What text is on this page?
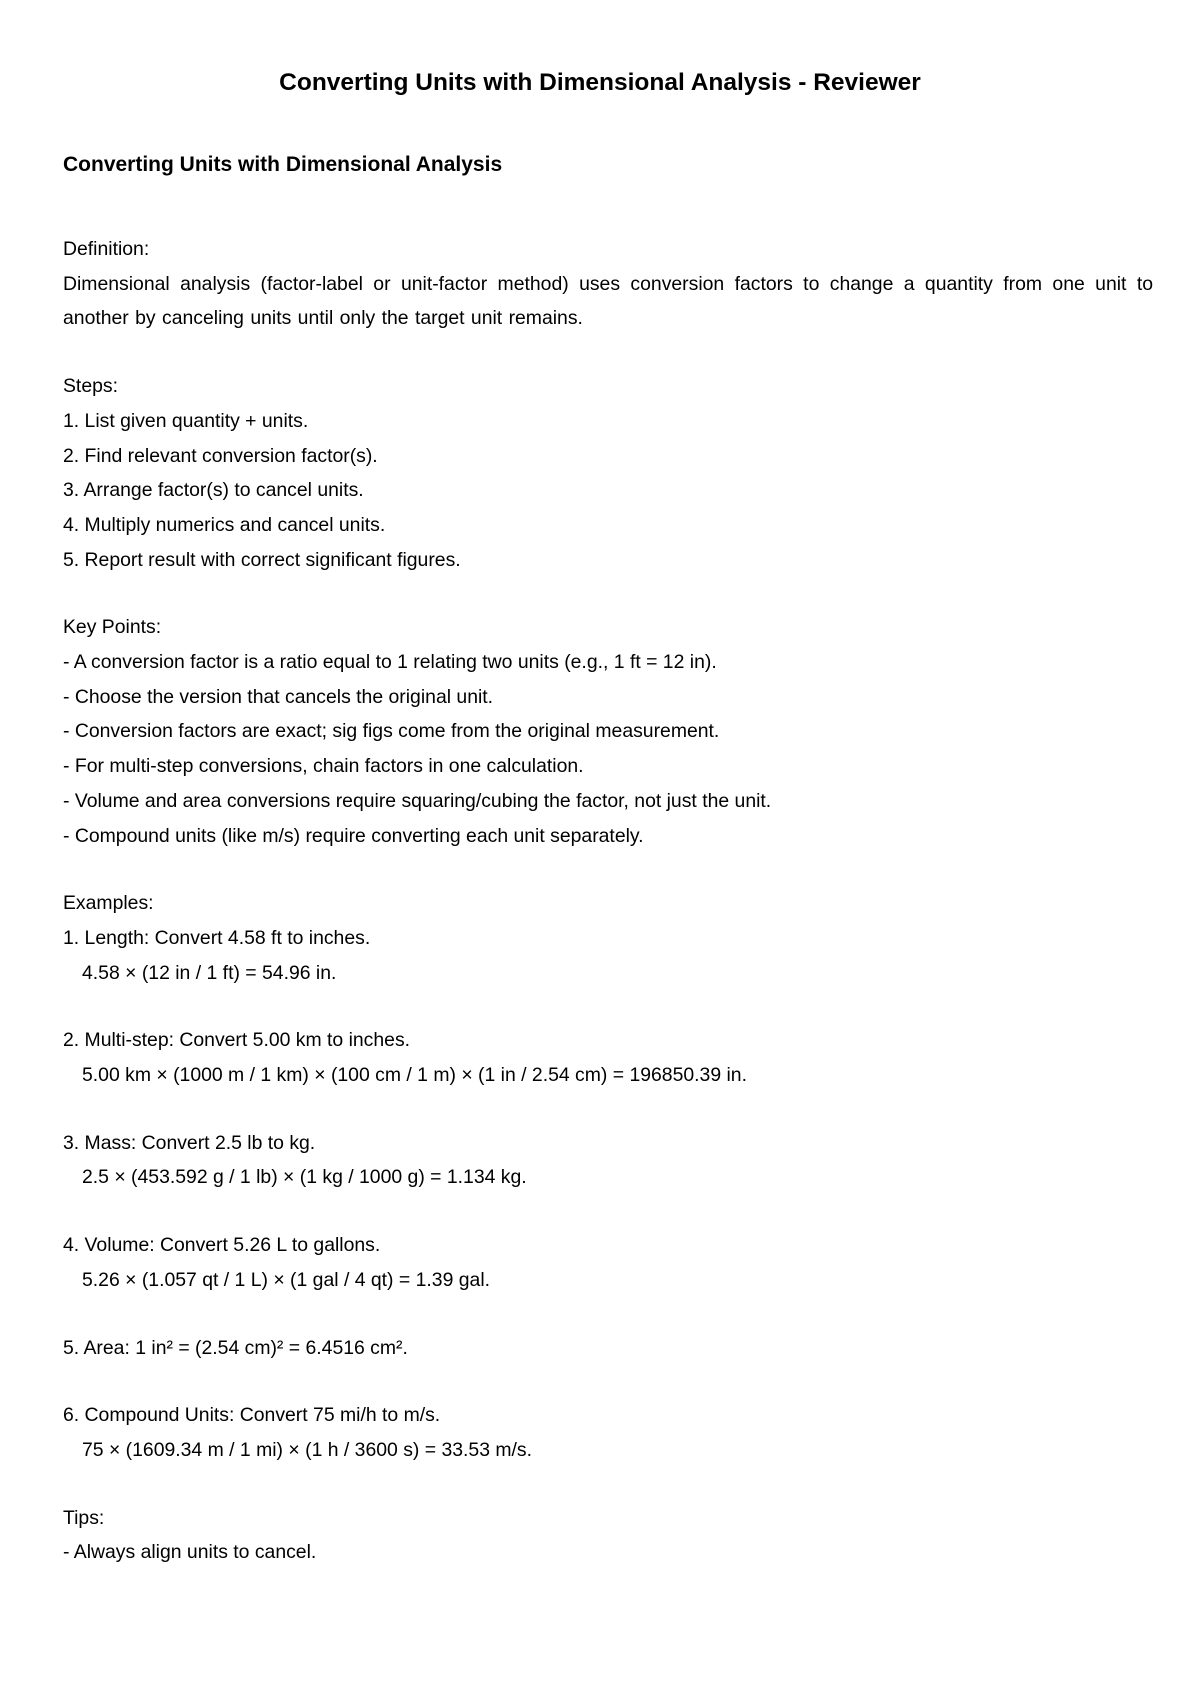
Converting Units with Dimensional Analysis - Reviewer
Converting Units with Dimensional Analysis
Definition:
Dimensional analysis (factor-label or unit-factor method) uses conversion factors to change a quantity from one unit to another by canceling units until only the target unit remains.
Steps:
1. List given quantity + units.
2. Find relevant conversion factor(s).
3. Arrange factor(s) to cancel units.
4. Multiply numerics and cancel units.
5. Report result with correct significant figures.
Key Points:
- A conversion factor is a ratio equal to 1 relating two units (e.g., 1 ft = 12 in).
- Choose the version that cancels the original unit.
- Conversion factors are exact; sig figs come from the original measurement.
- For multi-step conversions, chain factors in one calculation.
- Volume and area conversions require squaring/cubing the factor, not just the unit.
- Compound units (like m/s) require converting each unit separately.
Examples:
1. Length: Convert 4.58 ft to inches.
4.58 × (12 in / 1 ft) = 54.96 in.
2. Multi-step: Convert 5.00 km to inches.
5.00 km × (1000 m / 1 km) × (100 cm / 1 m) × (1 in / 2.54 cm) = 196850.39 in.
3. Mass: Convert 2.5 lb to kg.
2.5 × (453.592 g / 1 lb) × (1 kg / 1000 g) = 1.134 kg.
4. Volume: Convert 5.26 L to gallons.
5.26 × (1.057 qt / 1 L) × (1 gal / 4 qt) = 1.39 gal.
5. Area: 1 in² = (2.54 cm)² = 6.4516 cm².
6. Compound Units: Convert 75 mi/h to m/s.
75 × (1609.34 m / 1 mi) × (1 h / 3600 s) = 33.53 m/s.
Tips:
- Always align units to cancel.
